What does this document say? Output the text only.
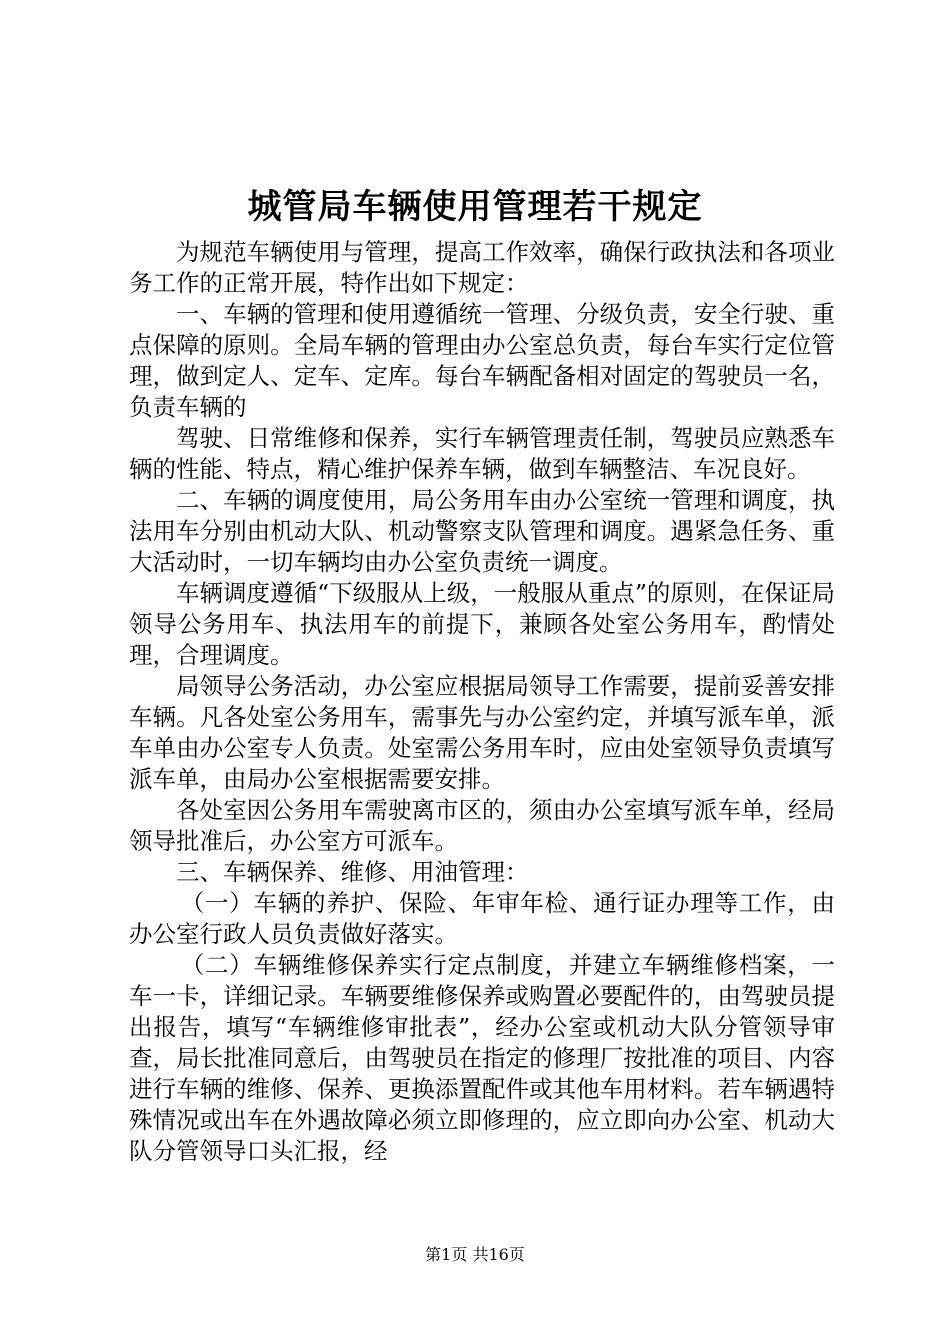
城管局车辆使用管理若干规定

为规范车辆使用与管理，提高工作效率，确保行政执法和各项业务工作的正常开展，特作出如下规定：

一、车辆的管理和使用遵循统一管理、分级负责，安全行驶、重点保障的原则。全局车辆的管理由办公室总负责，每台车实行定位管理，做到定人、定车、定库。每台车辆配备相对固定的驾驶员一名，负责车辆的

驾驶、日常维修和保养，实行车辆管理责任制，驾驶员应熟悉车辆的性能、特点，精心维护保养车辆，做到车辆整洁、车况良好。

二、车辆的调度使用，局公务用车由办公室统一管理和调度，执法用车分别由机动大队、机动警察支队管理和调度。遇紧急任务、重大活动时，一切车辆均由办公室负责统一调度。

车辆调度遵循“下级服从上级，一般服从重点”的原则，在保证局领导公务用车、执法用车的前提下，兼顾各处室公务用车，酌情处理，合理调度。

局领导公务活动，办公室应根据局领导工作需要，提前妥善安排车辆。凡各处室公务用车，需事先与办公室约定，并填写派车单，派车单由办公室专人负责。处室需公务用车时，应由处室领导负责填写派车单，由局办公室根据需要安排。

各处室因公务用车需驶离市区的，须由办公室填写派车单，经局领导批准后，办公室方可派车。

三、车辆保养、维修、用油管理：

（一）车辆的养护、保险、年审年检、通行证办理等工作，由办公室行政人员负责做好落实。

（二）车辆维修保养实行定点制度，并建立车辆维修档案，一车一卡，详细记录。车辆要维修保养或购置必要配件的，由驾驶员提出报告，填写“车辆维修审批表”，经办公室或机动大队分管领导审查，局长批准同意后，由驾驶员在指定的修理厂按批准的项目、内容进行车辆的维修、保养、更换添置配件或其他车用材料。若车辆遇特殊情况或出车在外遇故障必须立即修理的，应立即向办公室、机动大队分管领导口头汇报，经

第1页 共16页
